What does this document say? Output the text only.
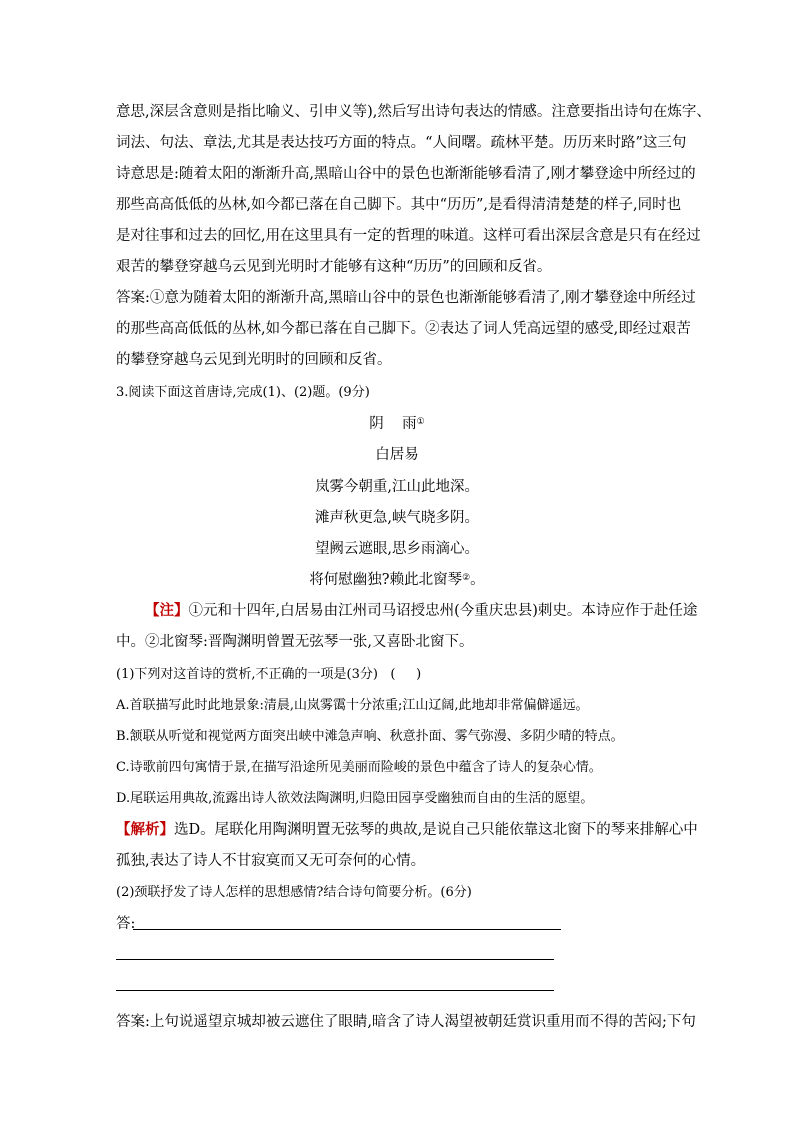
意思,深层含意则是指比喻义、引申义等),然后写出诗句表达的情感。注意要指出诗句在炼字、
词法、句法、章法,尤其是表达技巧方面的特点。“人间曙。疏林平楚。历历来时路”这三句
诗意思是:随着太阳的渐渐升高,黑暗山谷中的景色也渐渐能够看清了,刚才攀登途中所经过的
那些高高低低的丛林,如今都已落在自己脚下。其中“历历”,是看得清清楚楚的样子,同时也
是对往事和过去的回忆,用在这里具有一定的哲理的味道。这样可看出深层含意是只有在经过
艰苦的攀登穿越乌云见到光明时才能够有这种“历历”的回顾和反省。
答案:①意为随着太阳的渐渐升高,黑暗山谷中的景色也渐渐能够看清了,刚才攀登途中所经过
的那些高高低低的丛林,如今都已落在自己脚下。②表达了词人凭高远望的感受,即经过艰苦
的攀登穿越乌云见到光明时的回顾和反省。
3.阅读下面这首唐诗,完成(1)、(2)题。(9分)
阴    雨①
白居易
岚雾今朝重,江山此地深。
滩声秋更急,峡气晓多阴。
望阙云遮眼,思乡雨滴心。
将何慰幽独?赖此北窗琴②。
【注】①元和十四年,白居易由江州司马诏授忠州(今重庆忠县)刺史。本诗应作于赴任途
中。②北窗琴:晋陶渊明曾置无弦琴一张,又喜卧北窗下。
(1)下列对这首诗的赏析,不正确的一项是(3分)   (     )
A.首联描写此时此地景象:清晨,山岚雾霭十分浓重;江山辽阔,此地却非常偏僻遥远。
B.颔联从听觉和视觉两方面突出峡中滩急声响、秋意扑面、雾气弥漫、多阴少晴的特点。
C.诗歌前四句寓情于景,在描写沿途所见美丽而险峻的景色中蕴含了诗人的复杂心情。
D.尾联运用典故,流露出诗人欲效法陶渊明,归隐田园享受幽独而自由的生活的愿望。
【解析】选D。尾联化用陶渊明置无弦琴的典故,是说自己只能依靠这北窗下的琴来排解心中
孤独,表达了诗人不甘寂寞而又无可奈何的心情。
(2)颈联抒发了诗人怎样的思想感情?结合诗句简要分析。(6分)
答:
答案:上句说遥望京城却被云遮住了眼睛,暗含了诗人渴望被朝廷赏识重用而不得的苦闷;下句
